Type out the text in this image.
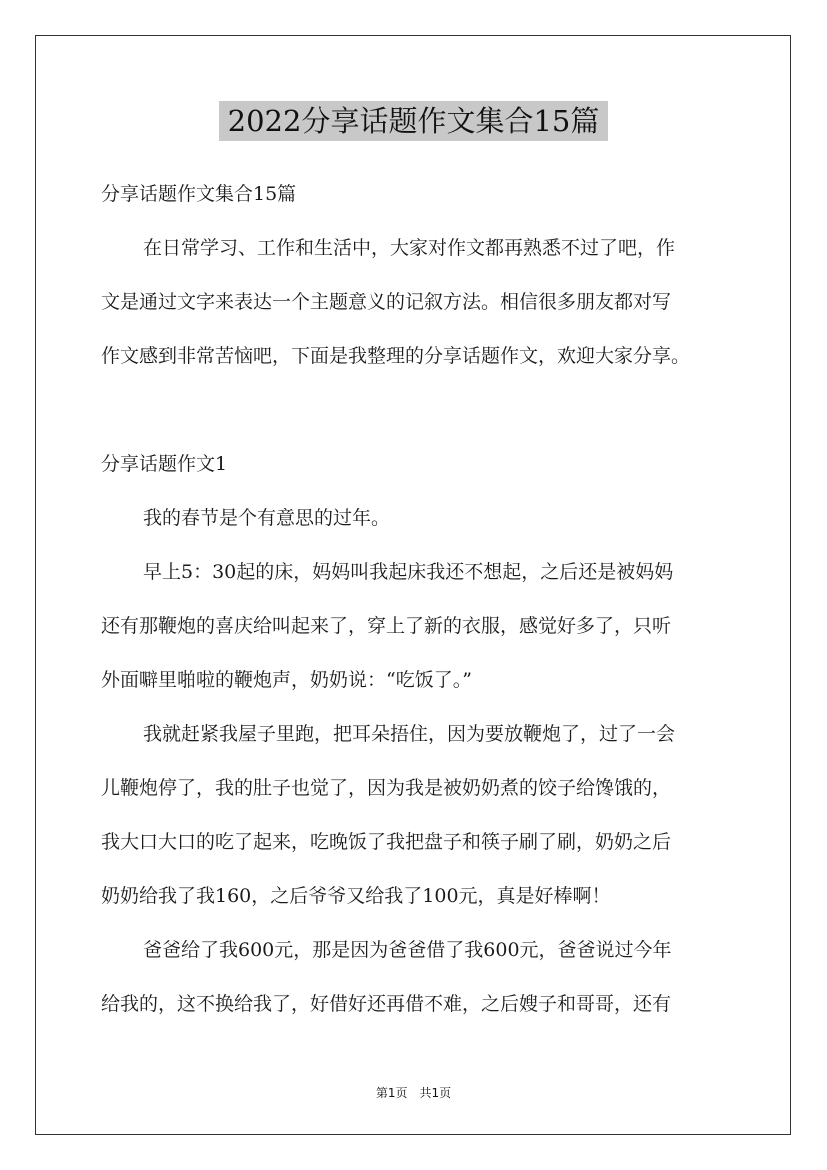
2022分享话题作文集合15篇
分享话题作文集合15篇
在日常学习、工作和生活中，大家对作文都再熟悉不过了吧，作
文是通过文字来表达一个主题意义的记叙方法。相信很多朋友都对写
作文感到非常苦恼吧，下面是我整理的分享话题作文，欢迎大家分享。
分享话题作文1
我的春节是个有意思的过年。
早上5：30起的床，妈妈叫我起床我还不想起，之后还是被妈妈
还有那鞭炮的喜庆给叫起来了，穿上了新的衣服，感觉好多了，只听
外面噼里啪啦的鞭炮声，奶奶说：“吃饭了。”
我就赶紧我屋子里跑，把耳朵捂住，因为要放鞭炮了，过了一会
儿鞭炮停了，我的肚子也觉了，因为我是被奶奶煮的饺子给馋饿的，
我大口大口的吃了起来，吃晚饭了我把盘子和筷子刷了刷，奶奶之后
奶奶给我了我160，之后爷爷又给我了100元，真是好棒啊！
爸爸给了我600元，那是因为爸爸借了我600元，爸爸说过今年
给我的，这不换给我了，好借好还再借不难，之后嫂子和哥哥，还有
第1页 共1页
